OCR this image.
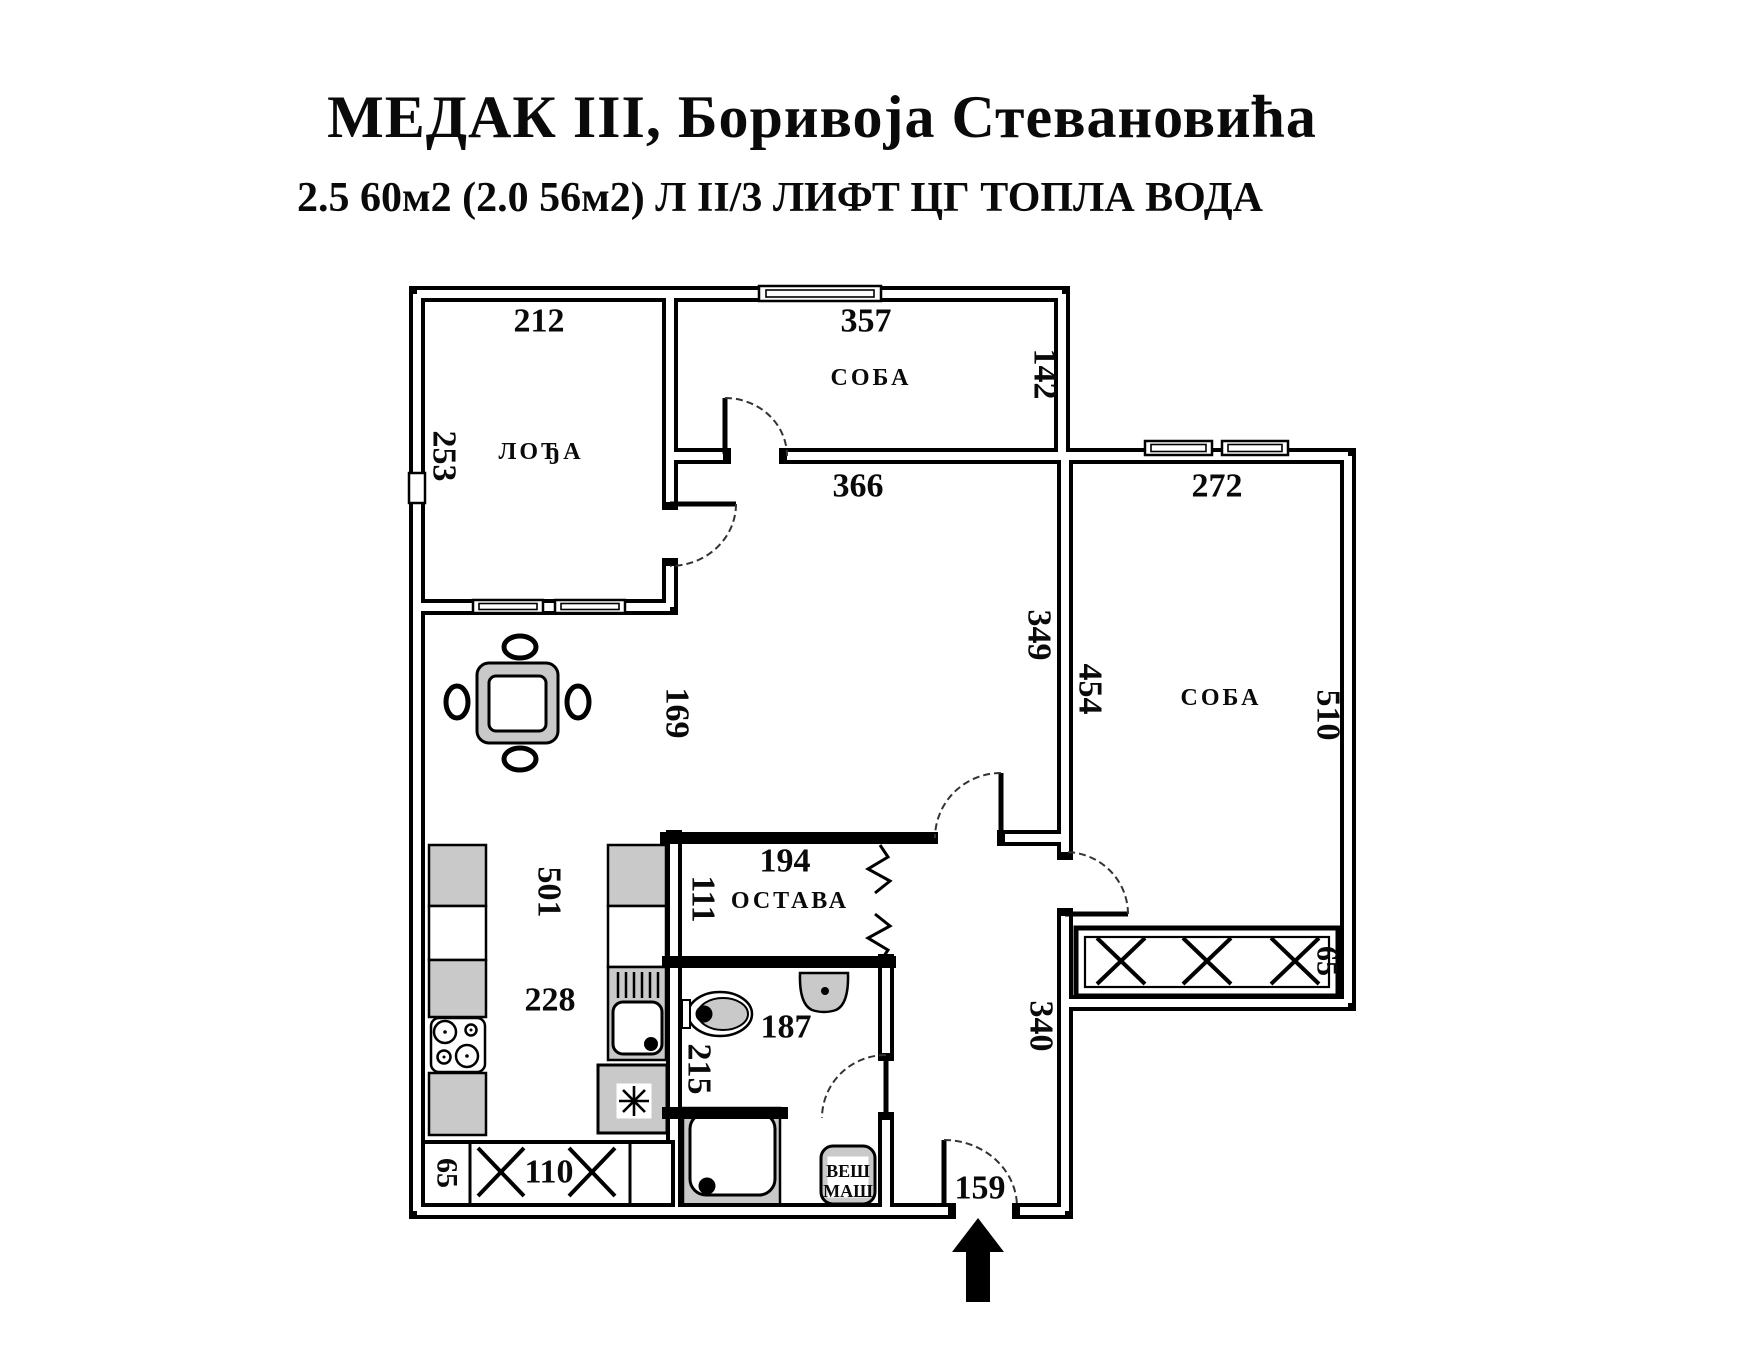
МЕДАК III, Боривоја Стевановића
2.5 60м2 (2.0 56м2) Л II/3 ЛИФТ ЦГ ТОПЛА ВОДА
ВЕШ
МАШ
212
253 ЛОЂА
357
СОБА	142
366	272
349
454	СОБА 510
169
501
228
194
111 ОСТАВА
187
215
110
65
65
340
159
